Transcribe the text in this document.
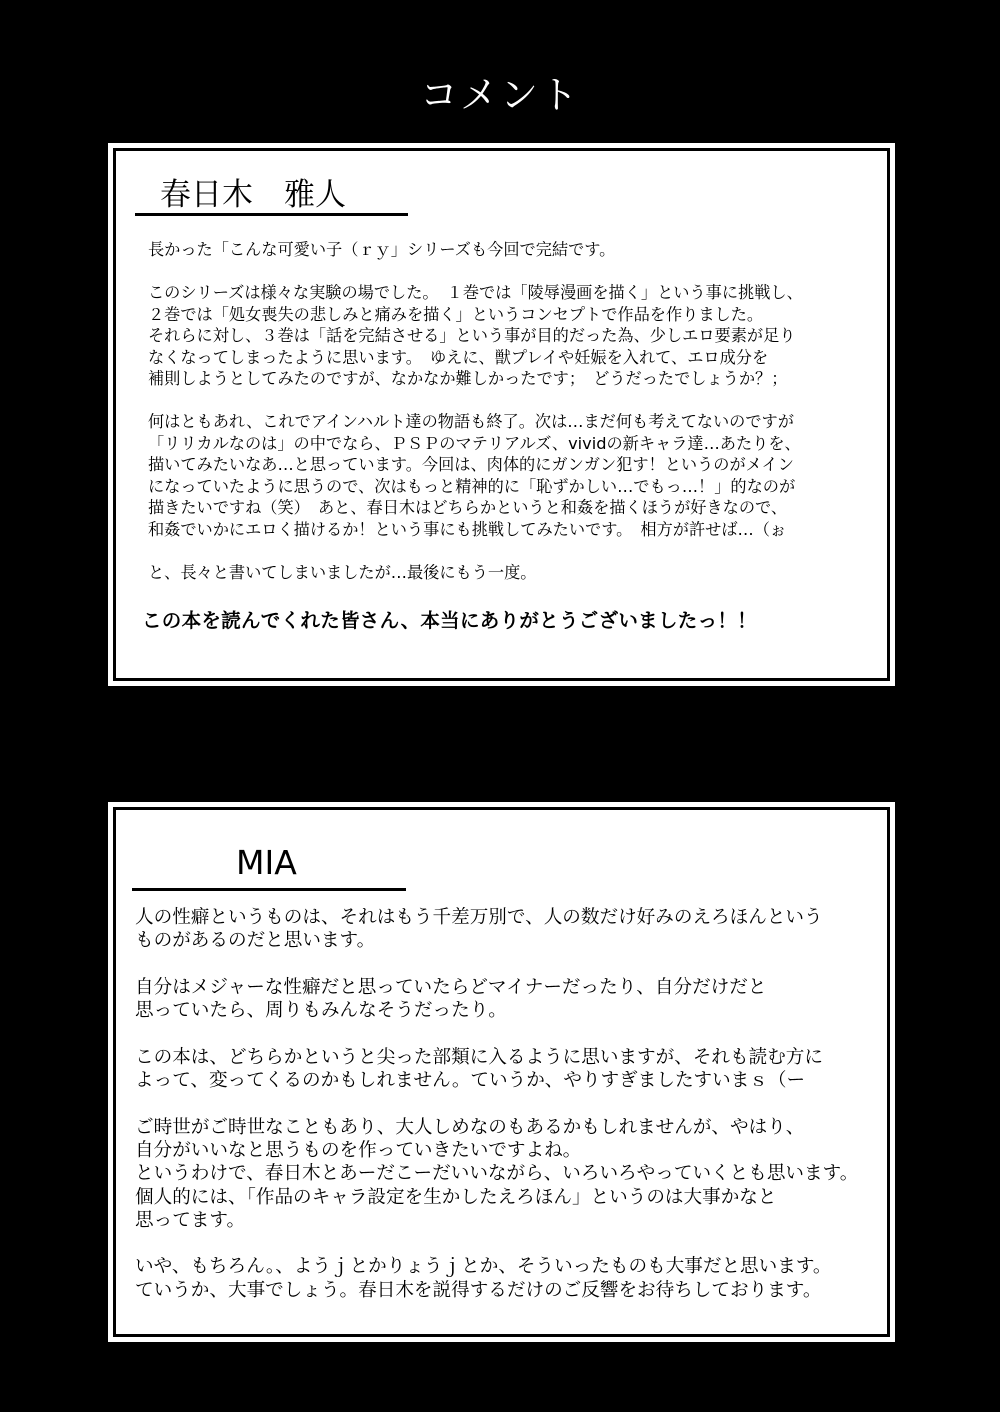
コメント
春日木　雅人
長かった「こんな可愛い子（ｒｙ」シリーズも今回で完結です。

このシリーズは様々な実験の場でした。　１巻では「陵辱漫画を描く」という事に挑戦し、
２巻では「処女喪失の悲しみと痛みを描く」というコンセプトで作品を作りました。
それらに対し、３巻は「話を完結させる」という事が目的だった為、少しエロ要素が足り
なくなってしまったように思います。　ゆえに、獣プレイや妊娠を入れて、エロ成分を
補則しようとしてみたのですが、なかなか難しかったです；　どうだったでしょうか？；

何はともあれ、これでアインハルト達の物語も終了。次は…まだ何も考えてないのですが
「リリカルなのは」の中でなら、ＰＳＰのマテリアルズ、vividの新キャラ達…あたりを、
描いてみたいなあ…と思っています。今回は、肉体的にガンガン犯す！というのがメイン
になっていたように思うので、次はもっと精神的に「恥ずかしい…でもっ…！」的なのが
描きたいですね（笑）　あと、春日木はどちらかというと和姦を描くほうが好きなので、
和姦でいかにエロく描けるか！という事にも挑戦してみたいです。　相方が許せば…（ぉ

と、長々と書いてしまいましたが…最後にもう一度。
この本を読んでくれた皆さん、本当にありがとうございましたっ！！
MIA
人の性癖というものは、それはもう千差万別で、人の数だけ好みのえろほんという
ものがあるのだと思います。

自分はメジャーな性癖だと思っていたらどマイナーだったり、自分だけだと
思っていたら、周りもみんなそうだったり。

この本は、どちらかというと尖った部類に入るように思いますが、それも読む方に
よって、変ってくるのかもしれません。ていうか、やりすぎましたすいまｓ（ー

ご時世がご時世なこともあり、大人しめなのもあるかもしれませんが、やはり、
自分がいいなと思うものを作っていきたいですよね。
というわけで、春日木とあーだこーだいいながら、いろいろやっていくとも思います。
個人的には、「作品のキャラ設定を生かしたえろほん」というのは大事かなと
思ってます。

いや、もちろん。、ようｊとかりょうｊとか、そういったものも大事だと思います。
ていうか、大事でしょう。春日木を説得するだけのご反響をお待ちしております。
